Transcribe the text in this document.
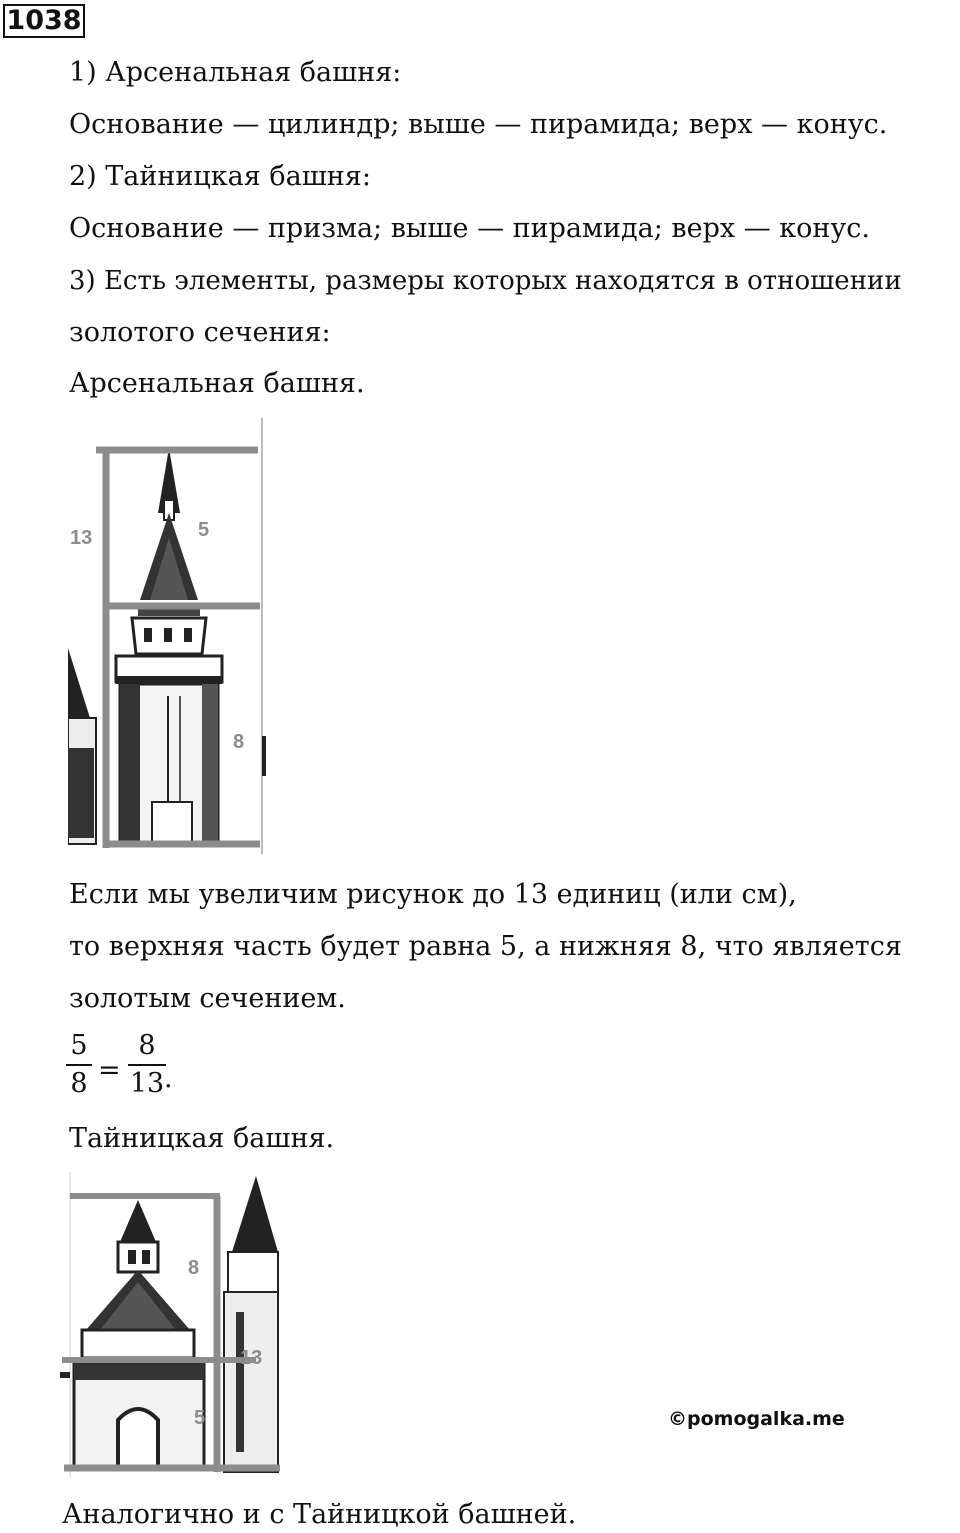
1038
1) Арсенальная башня:
Основание — цилиндр; выше — пирамида; верх — конус.
2) Тайницкая башня:
Основание — призма; выше — пирамида; верх — конус.
3) Есть элементы, размеры которых находятся в отношении
золотого сечения:
Арсенальная башня.
13	5
8
Если мы увеличим рисунок до 13 единиц (или см),
то верхняя часть будет равна 5, а нижняя 8, что является
золотым сечением.
5
8 =
8
13 .
Тайницкая башня.
8
13
5	©pomogalka.me
Аналогично и с Тайницкой башней.
